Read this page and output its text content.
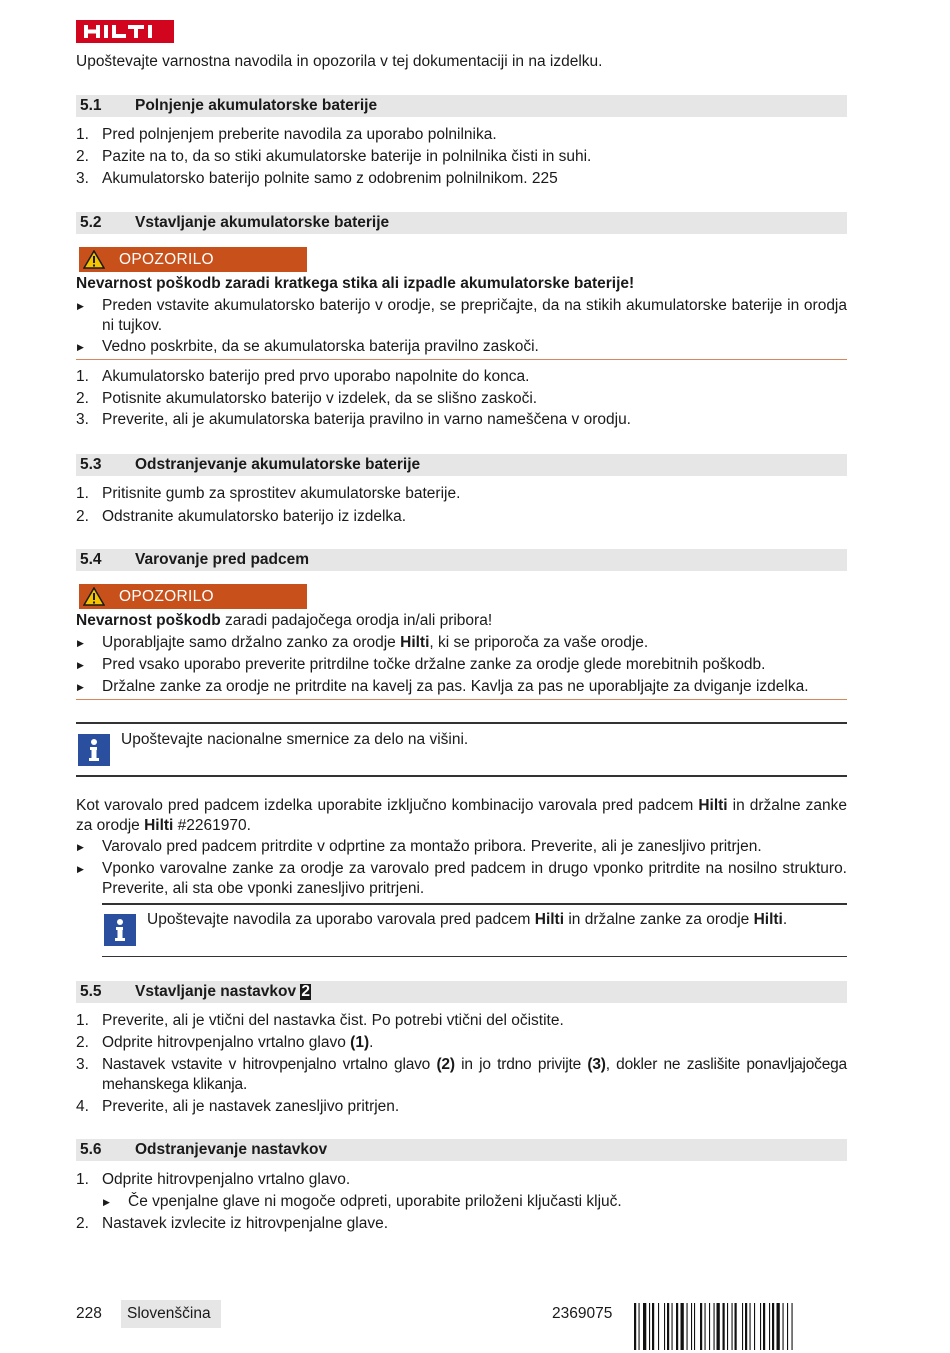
Upoštevajte varnostna navodila in opozorila v tej dokumentaciji in na izdelku.
5.1 Polnjenje akumulatorske baterije
1. Pred polnjenjem preberite navodila za uporabo polnilnika.
2. Pazite na to, da so stiki akumulatorske baterije in polnilnika čisti in suhi.
3. Akumulatorsko baterijo polnite samo z odobrenim polnilnikom. 225
5.2 Vstavljanje akumulatorske baterije
OPOZORILO
Nevarnost poškodb zaradi kratkega stika ali izpadle akumulatorske baterije!
▶ Preden vstavite akumulatorsko baterijo v orodje, se prepričajte, da na stikih akumulatorske baterije in orodja ni tujkov.
▶ Vedno poskrbite, da se akumulatorska baterija pravilno zaskoči.
1. Akumulatorsko baterijo pred prvo uporabo napolnite do konca.
2. Potisnite akumulatorsko baterijo v izdelek, da se slišno zaskoči.
3. Preverite, ali je akumulatorska baterija pravilno in varno nameščena v orodju.
5.3 Odstranjevanje akumulatorske baterije
1. Pritisnite gumb za sprostitev akumulatorske baterije.
2. Odstranite akumulatorsko baterijo iz izdelka.
5.4 Varovanje pred padcem
OPOZORILO
Nevarnost poškodb zaradi padajočega orodja in/ali pribora!
▶ Uporabljajte samo držalno zanko za orodje Hilti, ki se priporoča za vaše orodje.
▶ Pred vsako uporabo preverite pritrdilne točke držalne zanke za orodje glede morebitnih poškodb.
▶ Držalne zanke za orodje ne pritrdite na kavelj za pas. Kavlja za pas ne uporabljajte za dviganje izdelka.
Upoštevajte nacionalne smernice za delo na višini.
Kot varovalo pred padcem izdelka uporabite izključno kombinacijo varovala pred padcem Hilti in držalne zanke za orodje Hilti #2261970.
▶ Varovalo pred padcem pritrdite v odprtine za montažo pribora. Preverite, ali je zanesljivo pritrjen.
▶ Vponko varovalne zanke za orodje za varovalo pred padcem in drugo vponko pritrdite na nosilno strukturo. Preverite, ali sta obe vponki zanesljivo pritrjeni.
Upoštevajte navodila za uporabo varovala pred padcem Hilti in držalne zanke za orodje Hilti.
5.5 Vstavljanje nastavkov 2
1. Preverite, ali je vtični del nastavka čist. Po potrebi vtični del očistite.
2. Odprite hitrovpenjalno vrtalno glavo (1).
3. Nastavek vstavite v hitrovpenjalno vrtalno glavo (2) in jo trdno privijte (3), dokler ne zaslišite ponavljajočega mehanskega klikanja.
4. Preverite, ali je nastavek zanesljivo pritrjen.
5.6 Odstranjevanje nastavkov
1. Odprite hitrovpenjalno vrtalno glavo.
▶ Če vpenjalne glave ni mogoče odpreti, uporabite priloženi ključasti ključ.
2. Nastavek izvlecite iz hitrovpenjalne glave.
228	Slovenščina	2369075
